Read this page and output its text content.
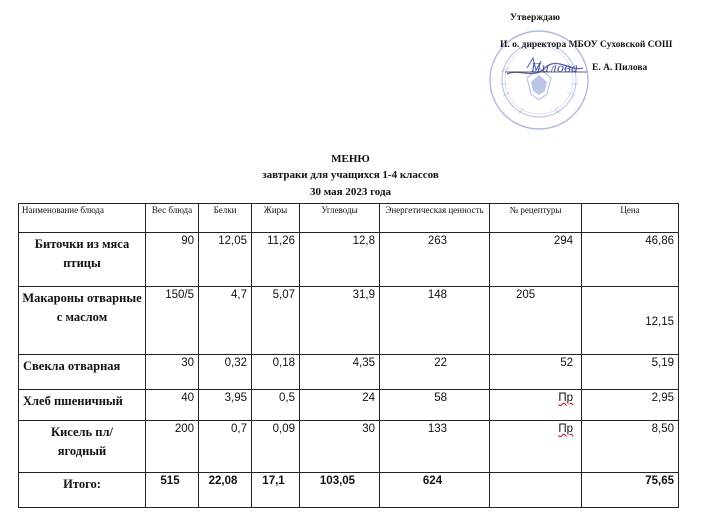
Утверждаю
И. о. директора МБОУ Суховской СОШ
Е. А. Пилова
Пилова
МЕНЮ
завтраки для учащихся 1-4 классов
30 мая 2023 года
Наименование блюда	Вес блюда	Белки	Жиры	Углеводы	Энергетическая ценность	№ рецептуры	Цена
Биточки из мяса птицы	90	12,05	11,26	12,8	263	294	46,86
Макароны отварные с маслом	150/5	4,7	5,07	31,9	148	205	12,15
Свекла отварная	30	0,32	0,18	4,35	22	52	5,19
Хлеб пшеничный	40	3,95	0,5	24	58	Пр	2,95
Кисель пл/ягодный	200	0,7	0,09	30	133	Пр	8,50
Итого:	515	22,08	17,1	103,05	624		75,65
